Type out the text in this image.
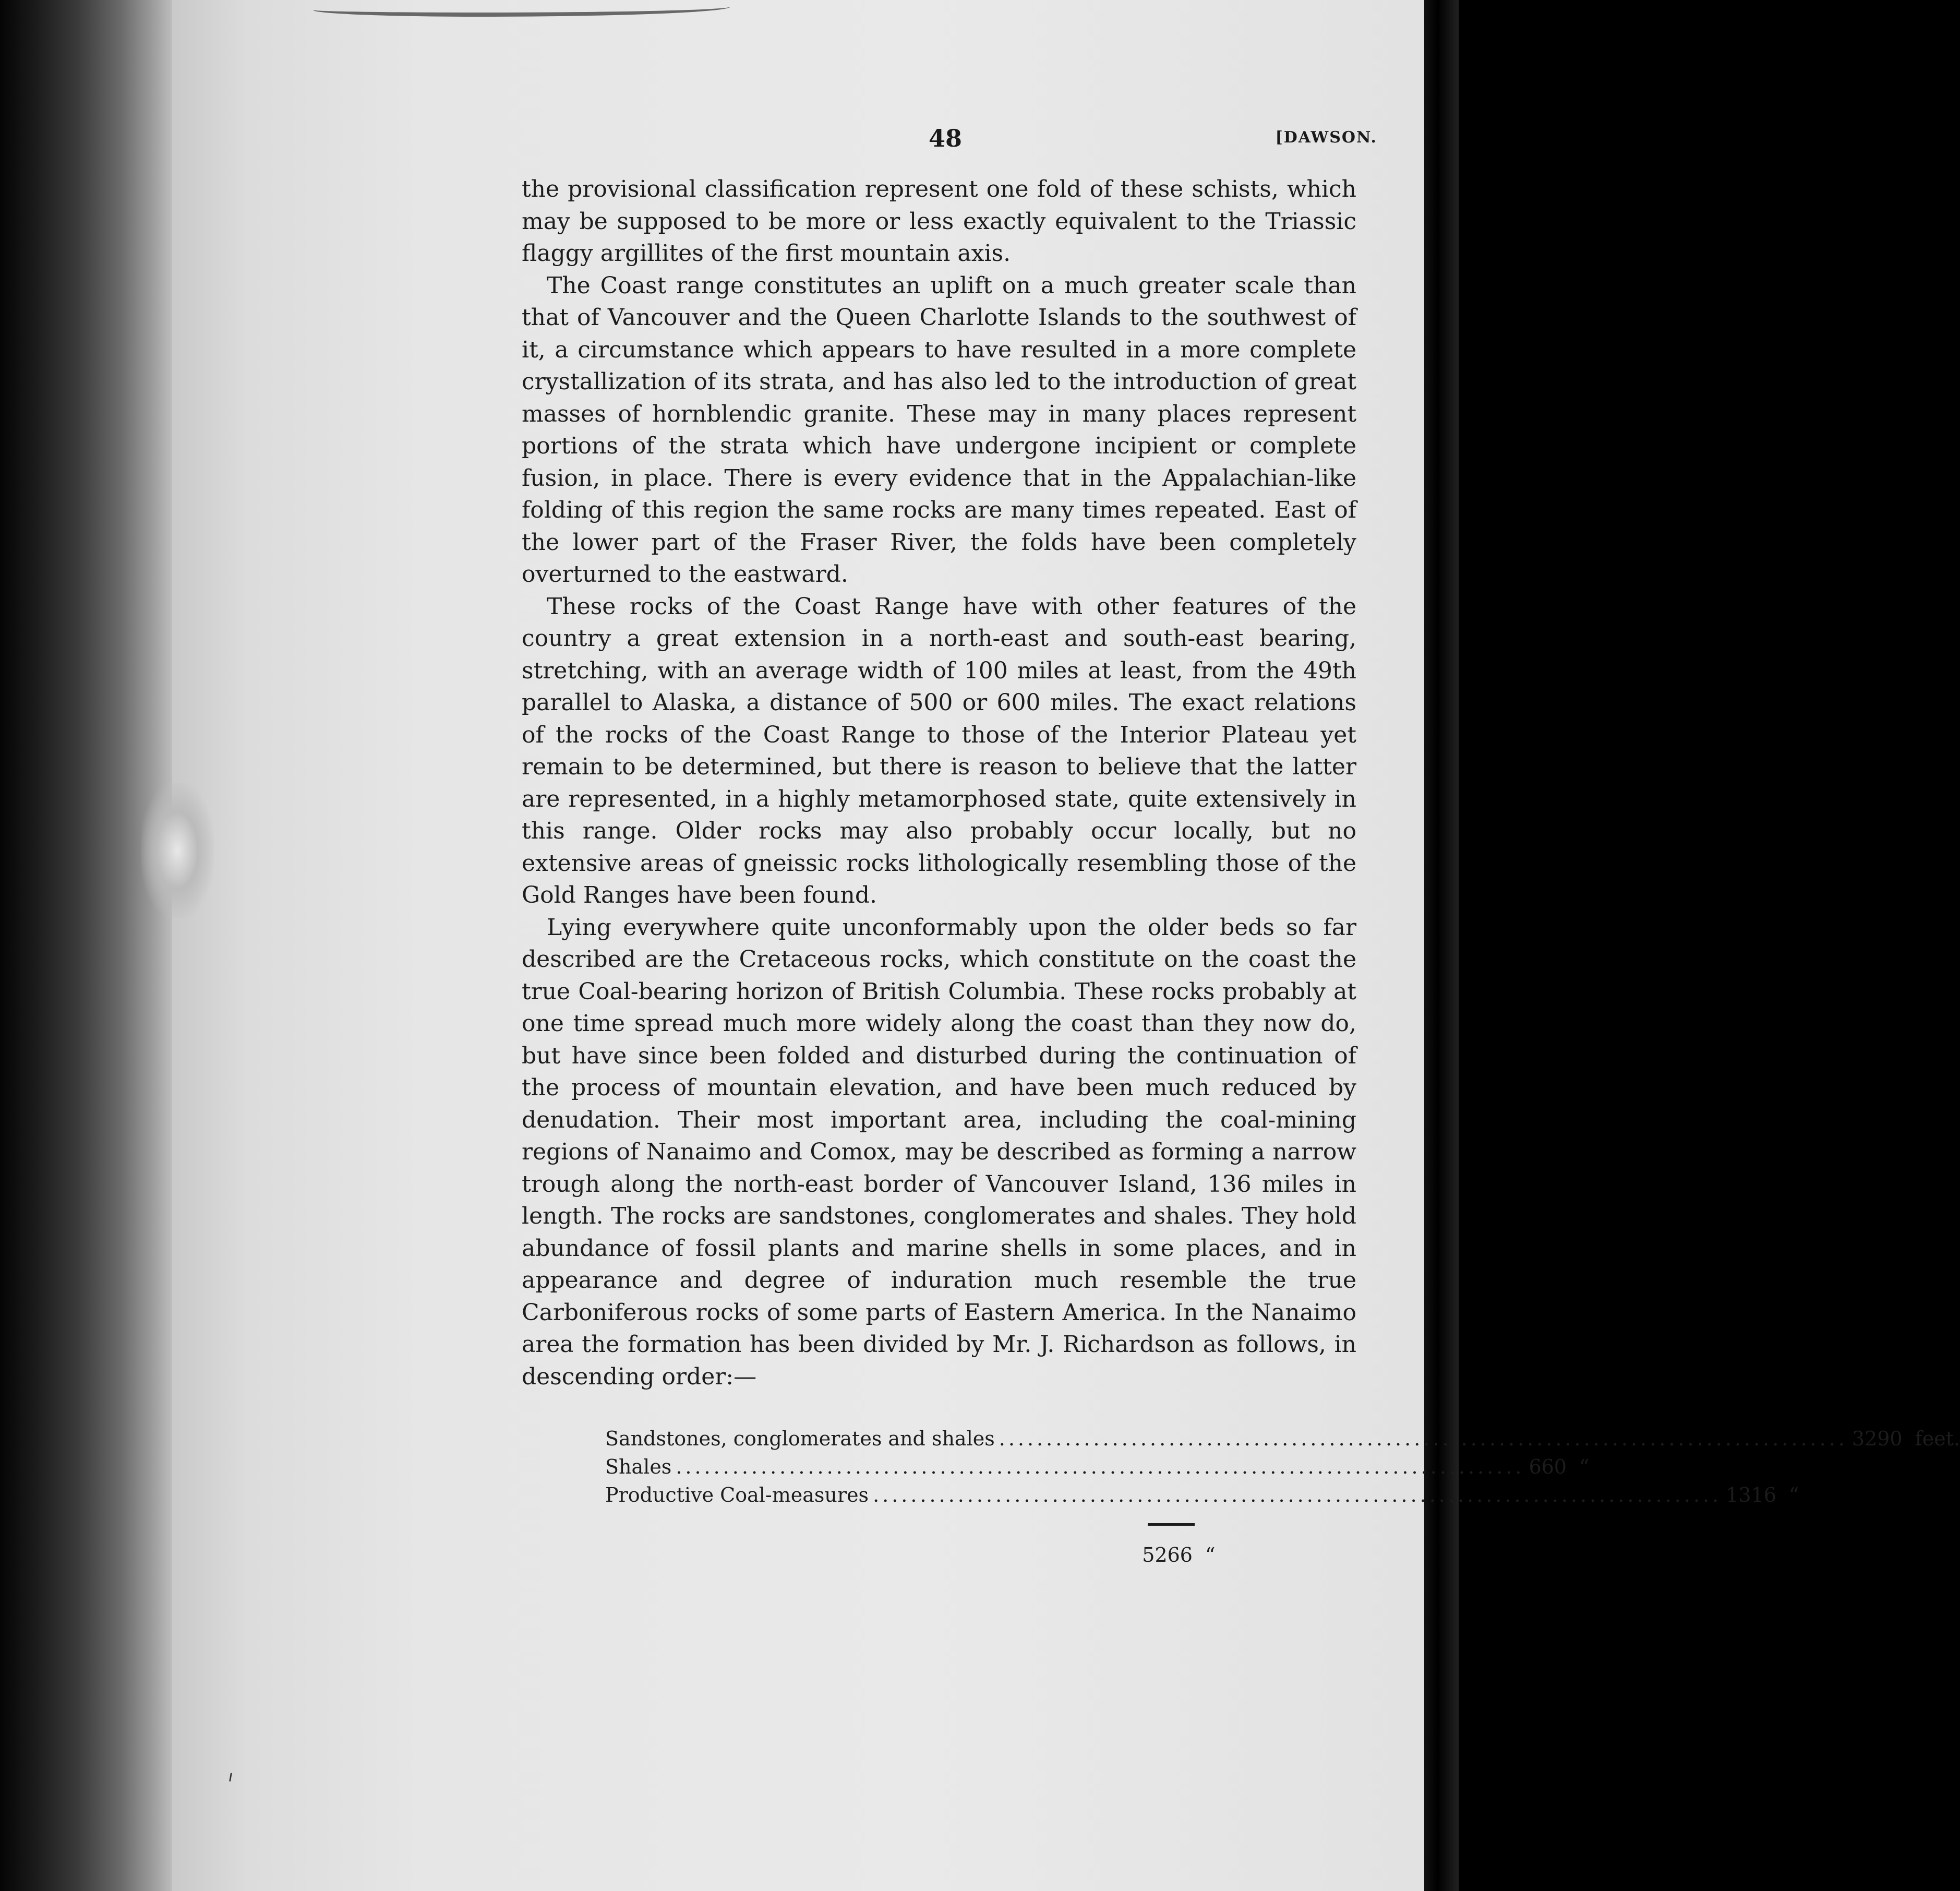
48	[DAWSON.

the provisional classification represent one fold of these schists, which may be supposed to be more or less exactly equivalent to the Triassic flaggy argillites of the first mountain axis.

The Coast range constitutes an uplift on a much greater scale than that of Vancouver and the Queen Charlotte Islands to the southwest of it, a circumstance which appears to have resulted in a more complete crystallization of its strata, and has also led to the introduction of great masses of hornblendic granite. These may in many places represent portions of the strata which have undergone incipient or complete fusion, in place. There is every evidence that in the Appalachian-like folding of this region the same rocks are many times repeated. East of the lower part of the Fraser River, the folds have been completely overturned to the eastward.

These rocks of the Coast Range have with other features of the country a great extension in a north-east and south-east bearing, stretching, with an average width of 100 miles at least, from the 49th parallel to Alaska, a distance of 500 or 600 miles. The exact relations of the rocks of the Coast Range to those of the Interior Plateau yet remain to be determined, but there is reason to believe that the latter are represented, in a highly metamorphosed state, quite extensively in this range. Older rocks may also probably occur locally, but no extensive areas of gneissic rocks lithologically resembling those of the Gold Ranges have been found.

Lying everywhere quite unconformably upon the older beds so far described are the Cretaceous rocks, which constitute on the coast the true Coal-bearing horizon of British Columbia. These rocks probably at one time spread much more widely along the coast than they now do, but have since been folded and disturbed during the continuation of the process of mountain elevation, and have been much reduced by denudation. Their most important area, including the coal-mining regions of Nanaimo and Comox, may be described as forming a narrow trough along the north-east border of Vancouver Island, 136 miles in length. The rocks are sandstones, conglomerates and shales. They hold abundance of fossil plants and marine shells in some places, and in appearance and degree of induration much resemble the true Carboniferous rocks of some parts of Eastern America. In the Nanaimo area the formation has been divided by Mr. J. Richardson as follows, in descending order:—

Sandstones, conglomerates and shales .......................................................................................... 3290 feet.
Shales .......................................................................................... 660 “
Productive Coal-measures .......................................................................................... 1316 “
5266 “
ᐟ
